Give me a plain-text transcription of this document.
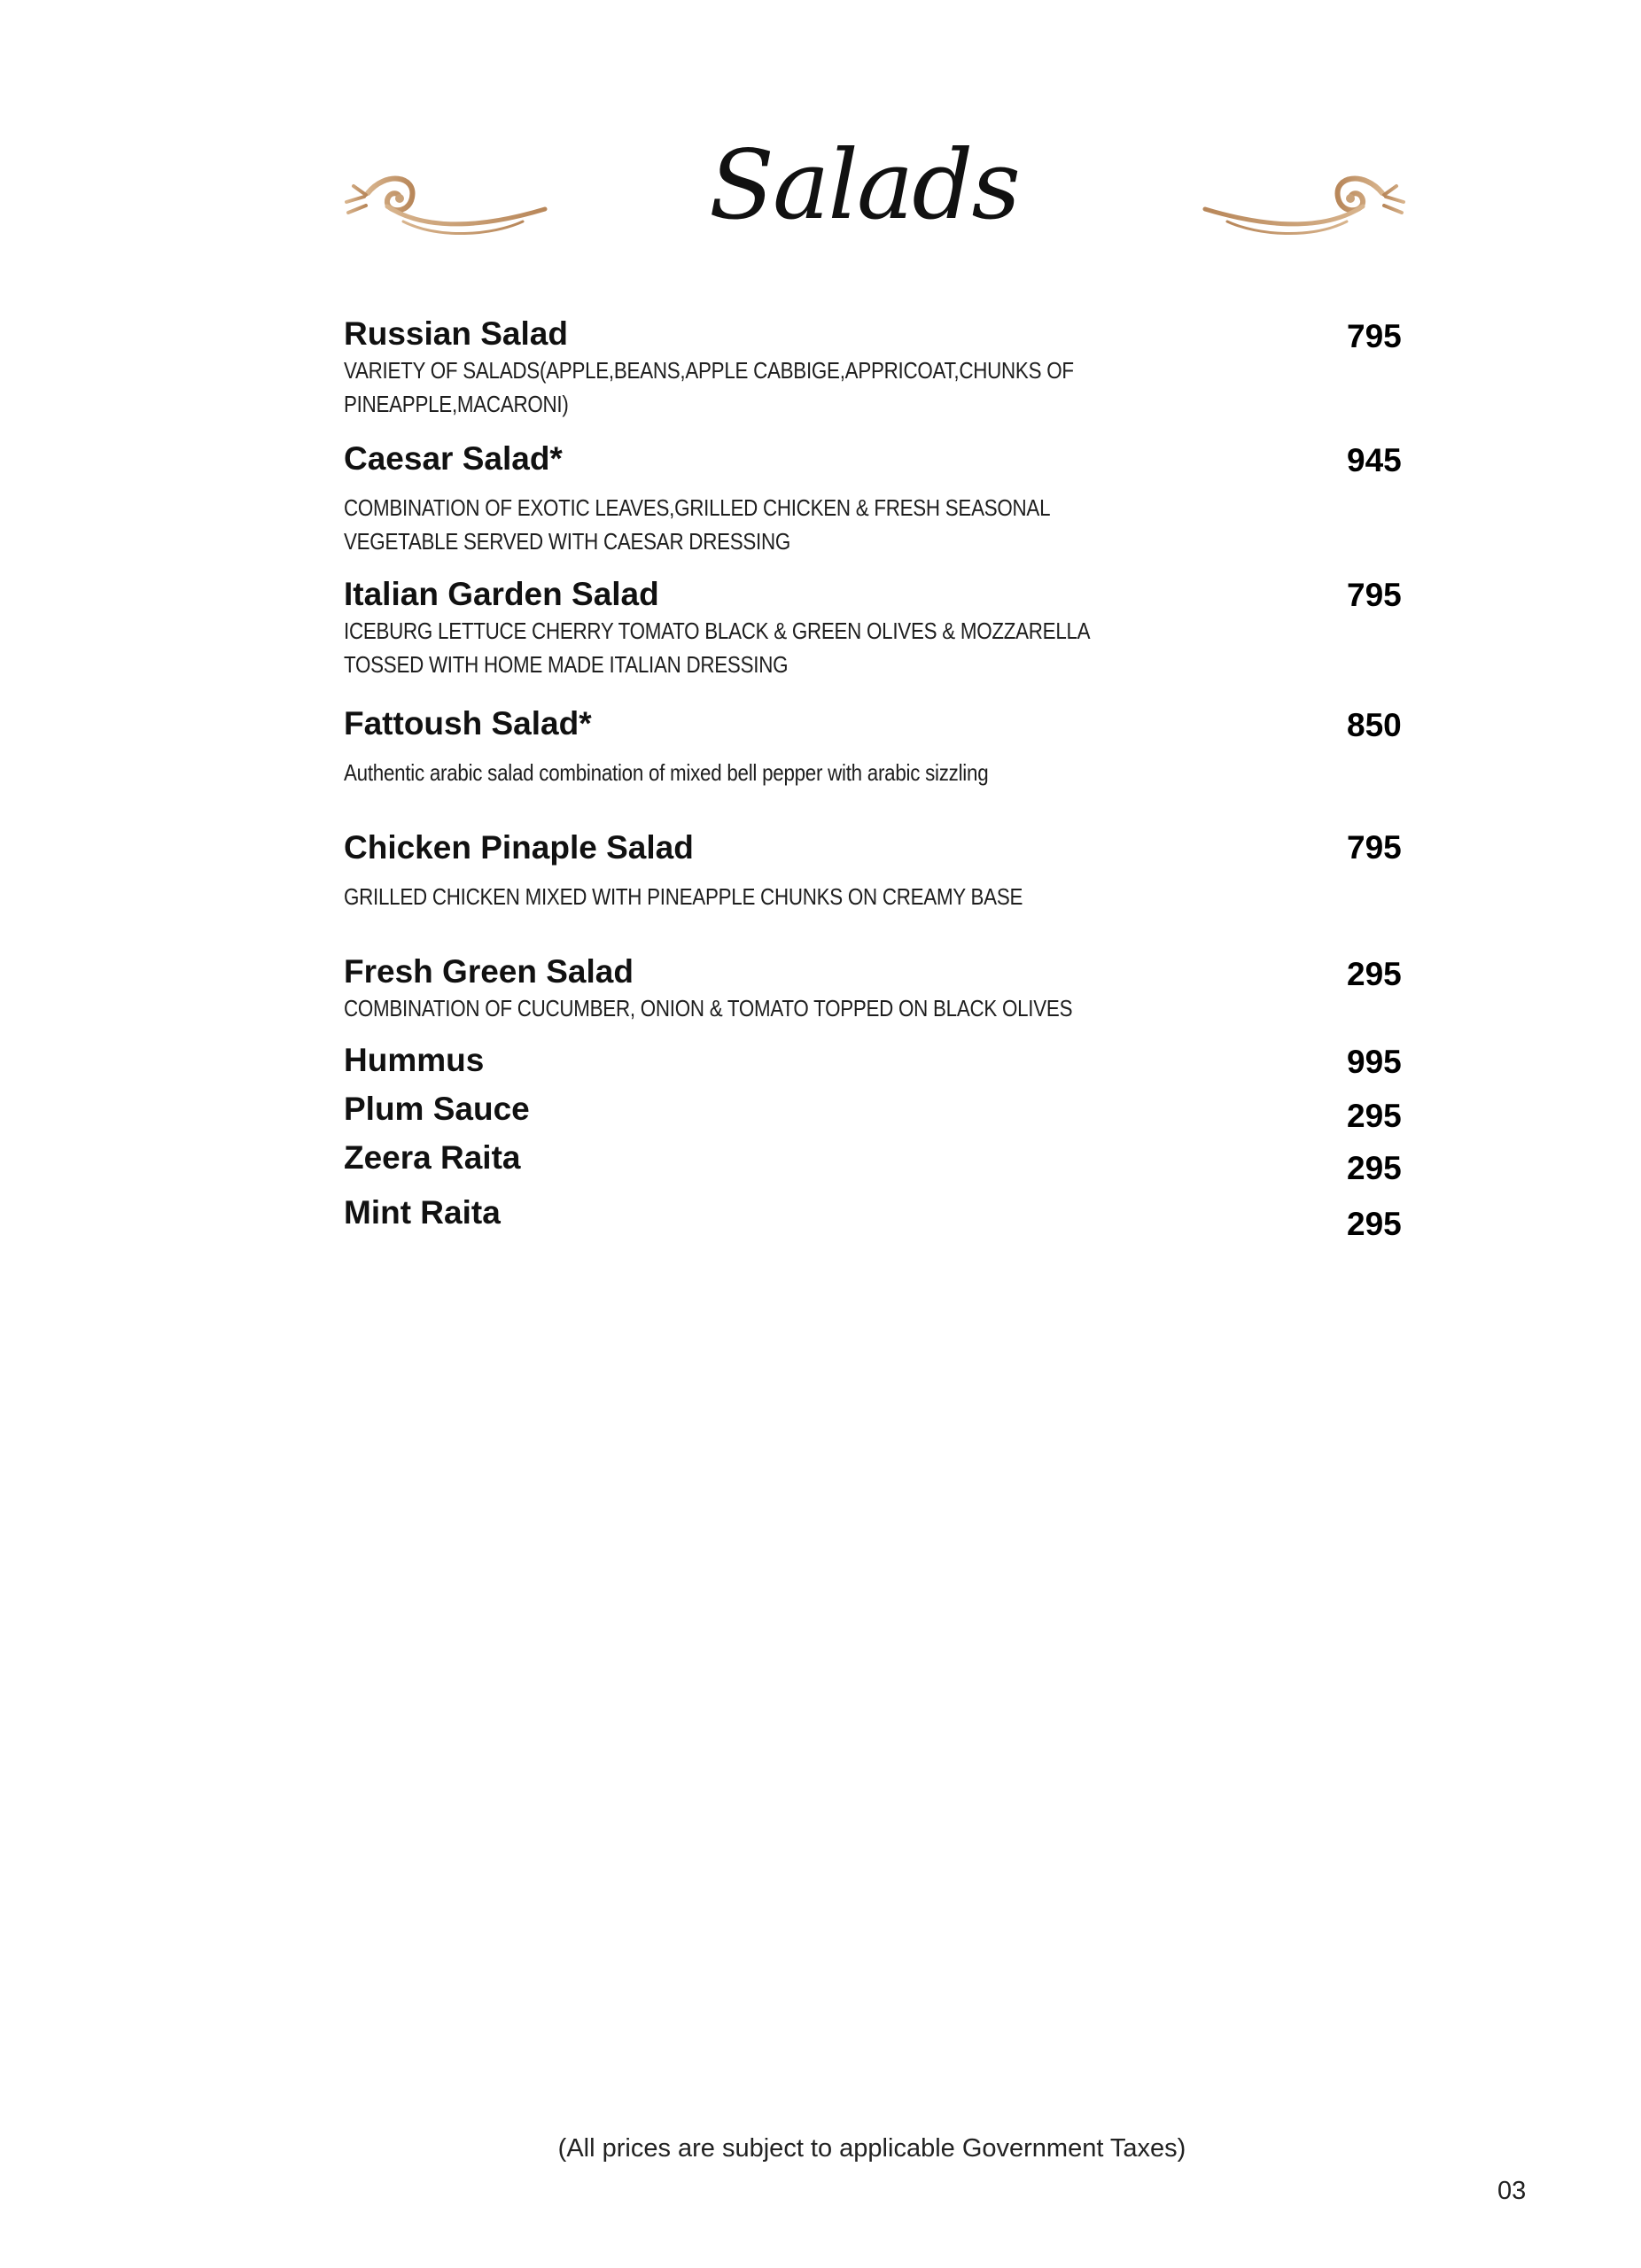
Salads
Russian Salad
VARIETY OF SALADS(APPLE,BEANS,APPLE CABBIGE,APPRICOAT,CHUNKS OF PINEAPPLE,MACARONI)
795
Caesar Salad*
COMBINATION OF EXOTIC LEAVES,GRILLED CHICKEN & FRESH SEASONAL VEGETABLE SERVED WITH CAESAR DRESSING
945
Italian Garden Salad
ICEBURG LETTUCE CHERRY TOMATO BLACK & GREEN OLIVES & MOZZARELLA TOSSED WITH HOME MADE ITALIAN DRESSING
795
Fattoush Salad*
Authentic arabic salad combination of mixed bell pepper with arabic sizzling
850
Chicken Pinaple Salad
GRILLED CHICKEN MIXED WITH PINEAPPLE CHUNKS ON CREAMY BASE
795
Fresh Green Salad
COMBINATION OF CUCUMBER, ONION & TOMATO TOPPED ON BLACK OLIVES
295
Hummus	995
Plum Sauce	295
Zeera Raita	295
Mint Raita	295
(All prices are subject to applicable Government Taxes)
03
